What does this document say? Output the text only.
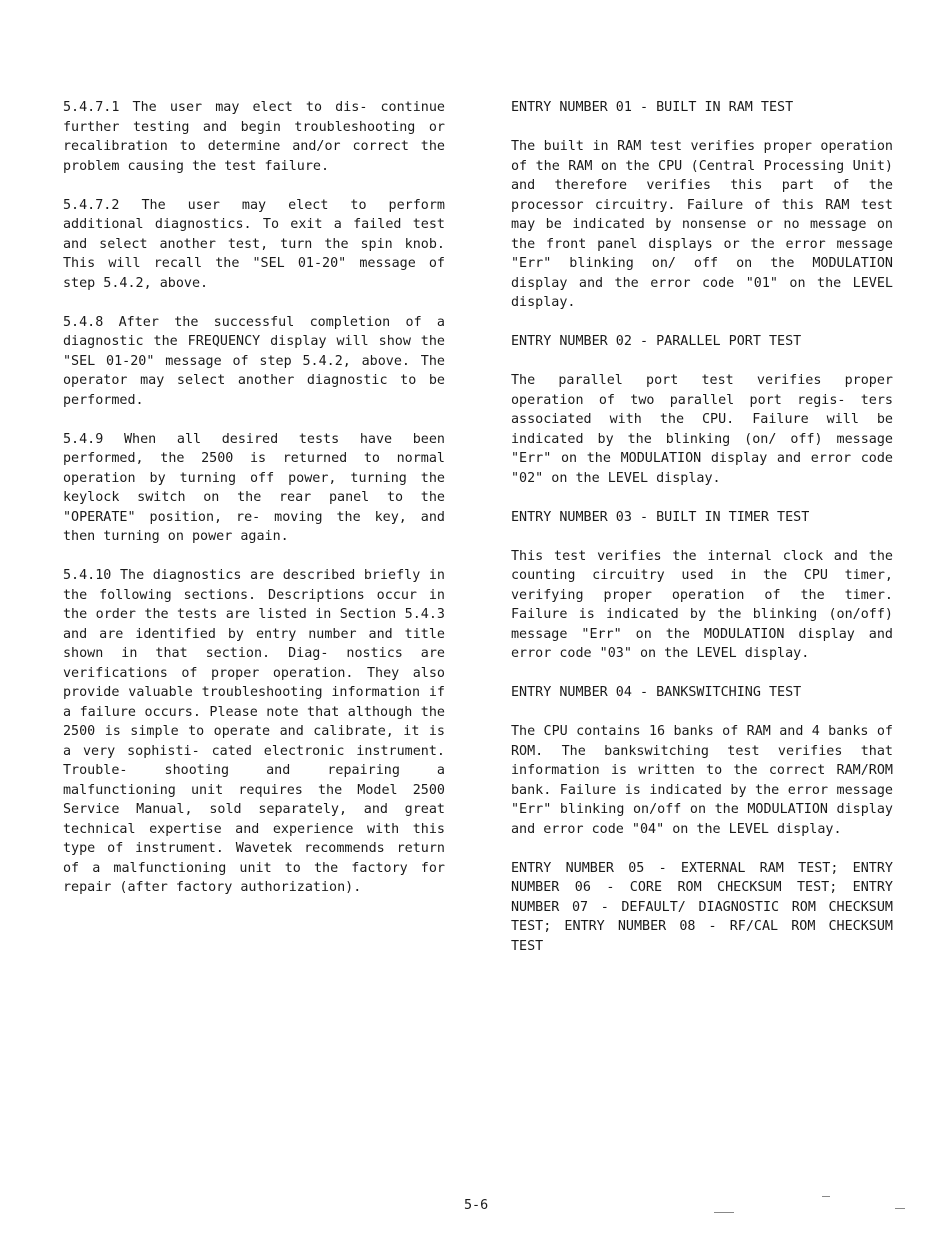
5.4.7.1 The user may elect to dis- continue further testing and begin troubleshooting or recalibration to determine and/or correct the problem causing the test failure.

5.4.7.2 The user may elect to perform additional diagnostics. To exit a failed test and select another test, turn the spin knob. This will recall the "SEL 01-20" message of step 5.4.2, above.

5.4.8 After the successful completion of a diagnostic the FREQUENCY display will show the "SEL 01-20" message of step 5.4.2, above. The operator may select another diagnostic to be performed.

5.4.9 When all desired tests have been performed, the 2500 is returned to normal operation by turning off power, turning the keylock switch on the rear panel to the "OPERATE" position, re- moving the key, and then turning on power again.

5.4.10 The diagnostics are described briefly in the following sections. Descriptions occur in the order the tests are listed in Section 5.4.3 and are identified by entry number and title shown in that section. Diag- nostics are verifications of proper operation. They also provide valuable troubleshooting information if a failure occurs. Please note that although the 2500 is simple to operate and calibrate, it is a very sophisti- cated electronic instrument. Trouble- shooting and repairing a malfunctioning unit requires the Model 2500 Service Manual, sold separately, and great technical expertise and experience with this type of instrument. Wavetek recommends return of a malfunctioning unit to the factory for repair (after factory authorization).

ENTRY NUMBER 01 - BUILT IN RAM TEST

The built in RAM test verifies proper operation of the RAM on the CPU (Central Processing Unit) and therefore verifies this part of the processor circuitry. Failure of this RAM test may be indicated by nonsense or no message on the front panel displays or the error message "Err" blinking on/ off on the MODULATION display and the error code "01" on the LEVEL display.

ENTRY NUMBER 02 - PARALLEL PORT TEST

The parallel port test verifies proper operation of two parallel port regis- ters associated with the CPU. Failure will be indicated by the blinking (on/ off) message "Err" on the MODULATION display and error code "02" on the LEVEL display.

ENTRY NUMBER 03 - BUILT IN TIMER TEST

This test verifies the internal clock and the counting circuitry used in the CPU timer, verifying proper operation of the timer. Failure is indicated by the blinking (on/off) message "Err" on the MODULATION display and error code "03" on the LEVEL display.

ENTRY NUMBER 04 - BANKSWITCHING TEST

The CPU contains 16 banks of RAM and 4 banks of ROM. The bankswitching test verifies that information is written to the correct RAM/ROM bank. Failure is indicated by the error message "Err" blinking on/off on the MODULATION display and error code "04" on the LEVEL display.

ENTRY NUMBER 05 - EXTERNAL RAM TEST; ENTRY NUMBER 06 - CORE ROM CHECKSUM TEST; ENTRY NUMBER 07 - DEFAULT/ DIAGNOSTIC ROM CHECKSUM TEST; ENTRY NUMBER 08 - RF/CAL ROM CHECKSUM TEST

5-6
